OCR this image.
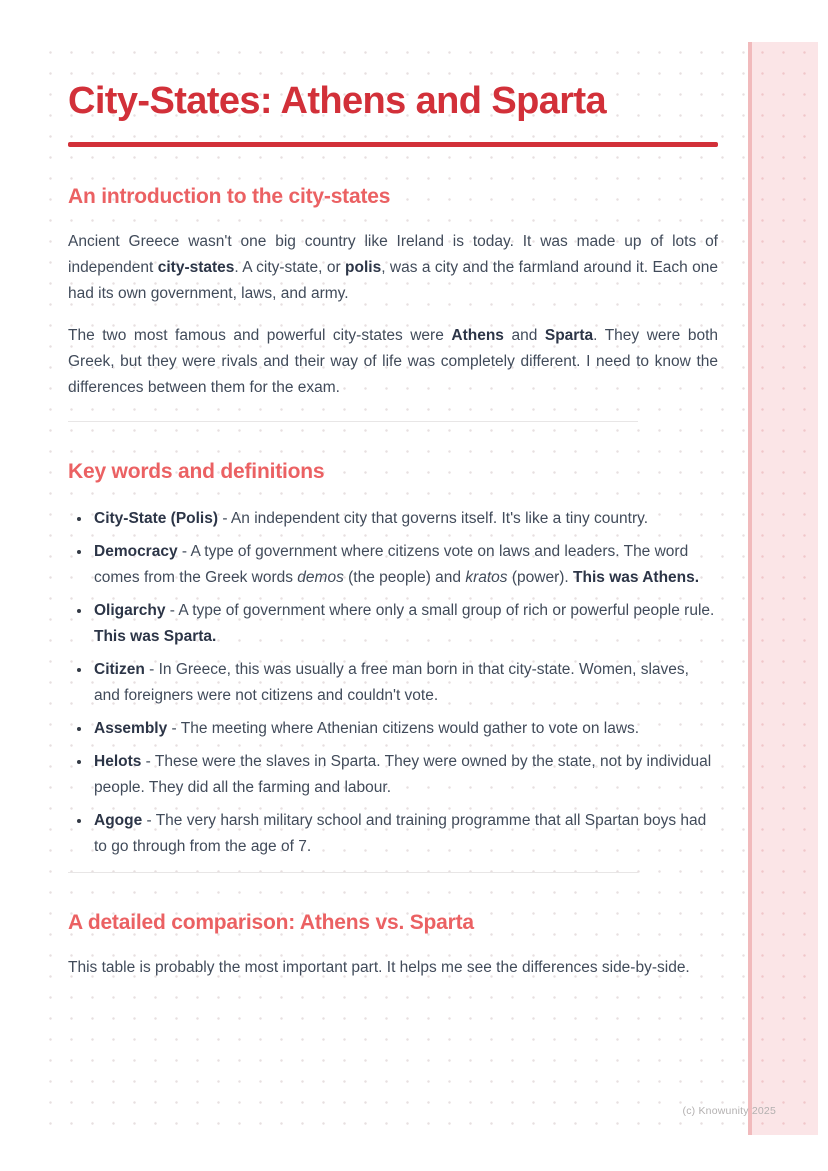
City-States: Athens and Sparta
An introduction to the city-states

Ancient Greece wasn't one big country like Ireland is today. It was made up of lots of independent city-states. A city-state, or polis, was a city and the farmland around it. Each one had its own government, laws, and army.

The two most famous and powerful city-states were Athens and Sparta. They were both Greek, but they were rivals and their way of life was completely different. I need to know the differences between them for the exam.

Key words and definitions
• City-State (Polis) - An independent city that governs itself. It's like a tiny country.
• Democracy - A type of government where citizens vote on laws and leaders. The word comes from the Greek words demos (the people) and kratos (power). This was Athens.
• Oligarchy - A type of government where only a small group of rich or powerful people rule. This was Sparta.
• Citizen - In Greece, this was usually a free man born in that city-state. Women, slaves, and foreigners were not citizens and couldn't vote.
• Assembly - The meeting where Athenian citizens would gather to vote on laws.
• Helots - These were the slaves in Sparta. They were owned by the state, not by individual people. They did all the farming and labour.
• Agoge - The very harsh military school and training programme that all Spartan boys had to go through from the age of 7.
A detailed comparison: Athens vs. Sparta

This table is probably the most important part. It helps me see the differences side-by-side.

(c) Knowunity 2025
